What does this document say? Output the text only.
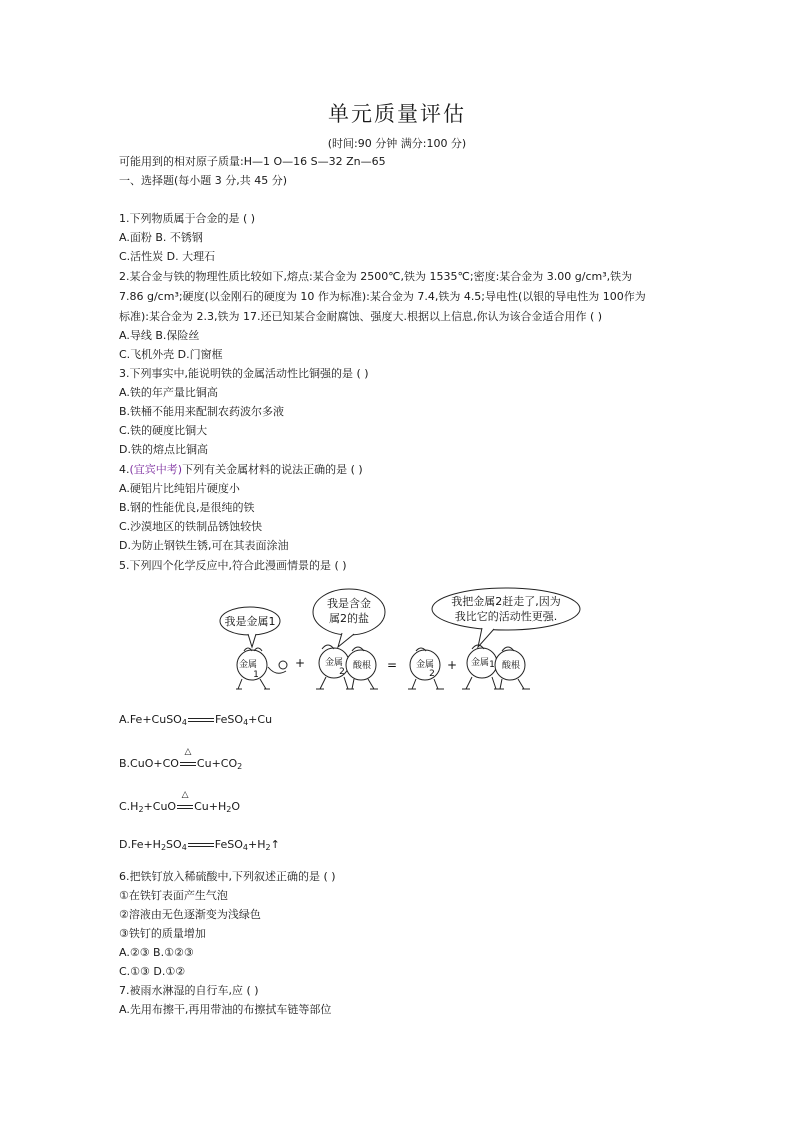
单元质量评估
(时间:90 分钟 满分:100 分)
可能用到的相对原子质量:H—1 O—16 S—32 Zn—65
一、选择题(每小题 3 分,共 45 分)
1.下列物质属于合金的是 ( )
A.面粉 B. 不锈钢
C.活性炭 D. 大理石
2.某合金与铁的物理性质比较如下,熔点:某合金为 2500℃,铁为 1535℃;密度:某合金为 3.00 g/cm³,铁为
7.86 g/cm³;硬度(以金刚石的硬度为 10 作为标准):某合金为 7.4,铁为 4.5;导电性(以银的导电性为 100作为
标准):某合金为 2.3,铁为 17.还已知某合金耐腐蚀、强度大.根据以上信息,你认为该合金适合用作 ( )
A.导线 B.保险丝
C.飞机外壳 D.门窗框
3.下列事实中,能说明铁的金属活动性比铜强的是 ( )
A.铁的年产量比铜高
B.铁桶不能用来配制农药波尔多液
C.铁的硬度比铜大
D.铁的熔点比铜高
4.(宜宾中考)下列有关金属材料的说法正确的是 ( )
A.硬铝片比纯铝片硬度小
B.钢的性能优良,是很纯的铁
C.沙漠地区的铁制品锈蚀较快
D.为防止钢铁生锈,可在其表面涂油
5.下列四个化学反应中,符合此漫画情景的是 ( )
我是金属1
我是含金
属2的盐
我把金属2赶走了,因为
我比它的活动性更强.
金属
1
金属
2
酸根	金属
2
金属 1 酸根
+	=	+
A.Fe+CuSO$_4$	FeSO$_4$+Cu
B.CuO+CO
△
$Cu+CO_2$
$C.H_2+CuO$
△
$Cu+H_2O$
$D.Fe+H_2SO_4$	$FeSO_4+H_2↑$
6.把铁钉放入稀硫酸中,下列叙述正确的是 ( )
①在铁钉表面产生气泡
②溶液由无色逐渐变为浅绿色
③铁钉的质量增加
A.②③ B.①②③
C.①③ D.①②
7.被雨水淋湿的自行车,应 ( )
A.先用布擦干,再用带油的布擦拭车链等部位
